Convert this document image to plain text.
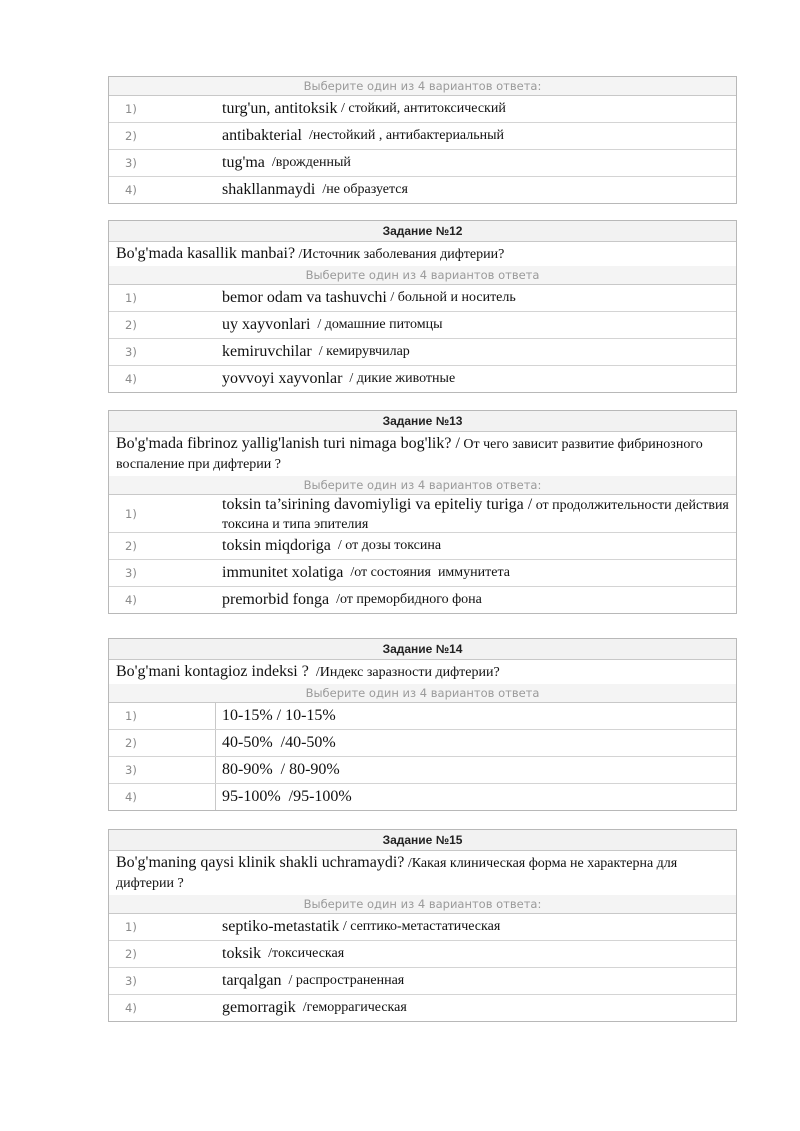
Выберите один из 4 вариантов ответа:
1)	turg'un, antitoksik / стойкий, антитоксический
2)	antibakterial /нестойкий , антибактериальный
3)	tug'ma /врожденный
4)	shakllanmaydi /не образуется
Задание №12
Bo'g'mada kasallik manbai? /Источник заболевания дифтерии?
Выберите один из 4 вариантов ответа
1)	bemor odam va tashuvchi / больной и носитель
2)	uy xayvonlari / домашние питомцы
3)	kemiruvchilar / кемирувчилар
4)	yovvoyi xayvonlar / дикие животные
Задание №13
Bo'g'mada fibrinoz yallig'lanish turi nimaga bog'lik? / От чего зависит развитие фибринозного воспаление при дифтерии ?
Выберите один из 4 вариантов ответа:
1)
toksin ta’sirining davomiyligi va epiteliy turiga / от продолжительности действия токсина и типа эпителия
2)	toksin miqdoriga / от дозы токсина
3)	immunitet xolatiga /от состояния  иммунитета
4)	premorbid fonga /от преморбидного фона
Задание №14
Bo'g'mani kontagioz indeksi ?  /Индекс заразности дифтерии?
Выберите один из 4 вариантов ответа
1)	10-15% / 10-15%
2)	40-50%  /40-50%
3)	80-90%  / 80-90%
4)	95-100%  /95-100%
Задание №15
Bo'g'maning qaysi klinik shakli uchramaydi? /Какая клиническая форма не характерна для дифтерии ?
Выберите один из 4 вариантов ответа:
1)	septiko-metastatik / септико-метастатическая
2)	toksik /токсическая
3)	tarqalgan / распространенная
4)	gemorragik /геморрагическая
